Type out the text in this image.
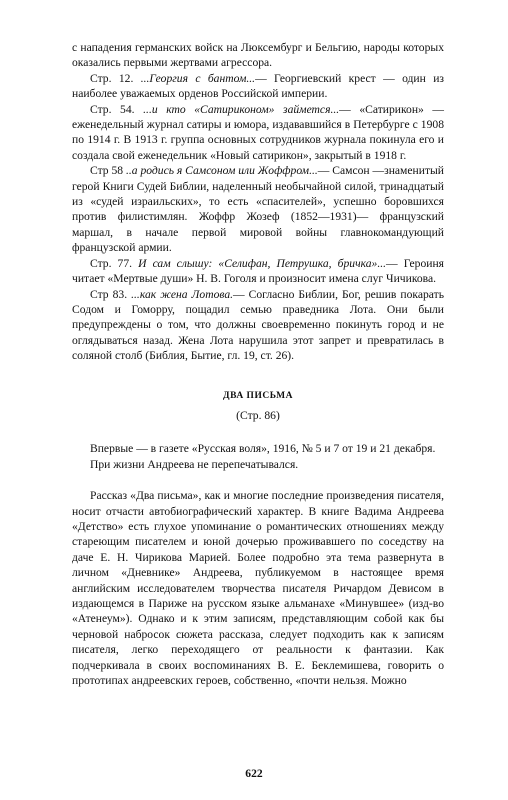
с нападения германских войск на Люксембург и Бельгию, народы которых оказались первыми жертвами агрессора.

Стр. 12. ...Георгия с бантом...— Георгиевский крест — один из наиболее уважаемых орденов Российской империи.

Стр. 54. ...и кто «Сатириконом» займется...— «Сатирикон» — еженедельный журнал сатиры и юмора, издававшийся в Петербурге с 1908 по 1914 г. В 1913 г. группа основных сотрудников журнала покинула его и создала свой еженедельник «Новый сатирикон», закрытый в 1918 г.

Стр 58 ..а родись я Самсоном или Жоффром...— Самсон —знаменитый герой Книги Судей Библии, наделенный необычайной силой, тринадцатый из «судей израильских», то есть «спасителей», успешно боровшихся против филистимлян. Жоффр Жозеф (1852—1931)— французский маршал, в начале первой мировой войны главнокомандующий французской армии.

Стр. 77. И сам слышу: «Селифан, Петрушка, бричка»...— Героиня читает «Мертвые души» Н. В. Гоголя и произносит имена слуг Чичикова.

Стр 83. ...как жена Лотова.— Согласно Библии, Бог, решив покарать Содом и Гоморру, пощадил семью праведника Лота. Они были предупреждены о том, что должны своевременно покинуть город и не оглядываться назад. Жена Лота нарушила этот запрет и превратилась в соляной столб (Библия, Бытие, гл. 19, ст. 26).

ДВА ПИСЬМА
(Стр. 86)

Впервые — в газете «Русская воля», 1916, № 5 и 7 от 19 и 21 декабря.

При жизни Андреева не перепечатывался.

Рассказ «Два письма», как и многие последние произведения писателя, носит отчасти автобиографический характер. В книге Вадима Андреева «Детство» есть глухое упоминание о романтических отношениях между стареющим писателем и юной дочерью проживавшего по соседству на даче Е. Н. Чирикова Марией. Более подробно эта тема развернута в личном «Дневнике» Андреева, публикуемом в настоящее время английским исследователем творчества писателя Ричардом Девисом в издающемся в Париже на русском языке альманахе «Минувшее» (изд-во «Атенеум»). Однако и к этим записям, представляющим собой как бы черновой набросок сюжета рассказа, следует подходить как к записям писателя, легко переходящего от реальности к фантазии. Как подчеркивала в своих воспоминаниях В. Е. Беклемишева, говорить о прототипах андреевских героев, собственно, «почти нельзя. Можно

622
